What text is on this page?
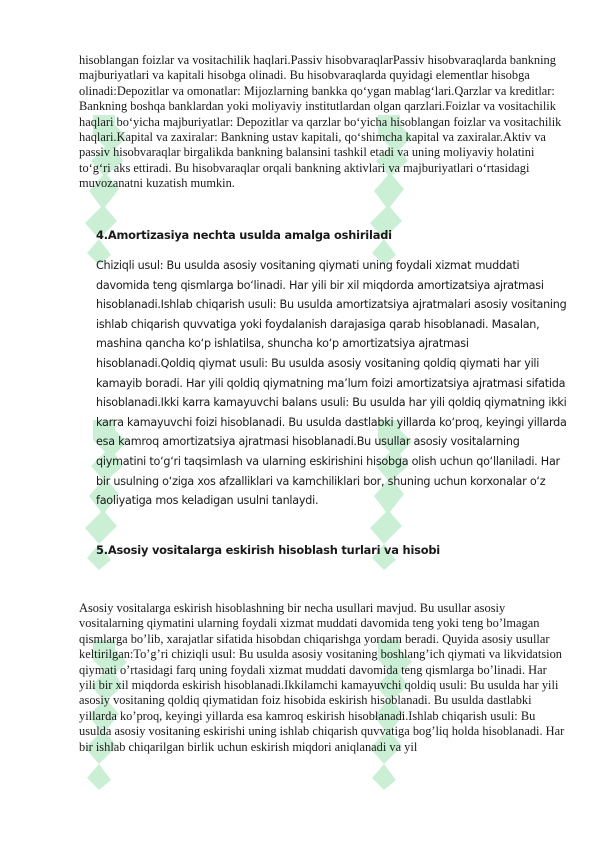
hisoblangan foizlar va vositachilik haqlari.Passiv hisobvaraqlarPassiv hisobvaraqlarda bankning majburiyatlari va kapitali hisobga olinadi. Bu hisobvaraqlarda quyidagi elementlar hisobga olinadi:Depozitlar va omonatlar: Mijozlarning bankka qo‘ygan mablag‘lari.Qarzlar va kreditlar: Bankning boshqa banklardan yoki moliyaviy institutlardan olgan qarzlari.Foizlar va vositachilik haqlari bo‘yicha majburiyatlar: Depozitlar va qarzlar bo‘yicha hisoblangan foizlar va vositachilik haqlari.Kapital va zaxiralar: Bankning ustav kapitali, qo‘shimcha kapital va zaxiralar.Aktiv va passiv hisobvaraqlar birgalikda bankning balansini tashkil etadi va uning moliyaviy holatini to‘g‘ri aks ettiradi. Bu hisobvaraqlar orqali bankning aktivlari va majburiyatlari o‘rtasidagi muvozanatni kuzatish mumkin.

4.Amortizasiya nechta usulda amalga oshiriladi

Chiziqli usul: Bu usulda asosiy vositaning qiymati uning foydali xizmat muddati davomida teng qismlarga bo‘linadi. Har yili bir xil miqdorda amortizatsiya ajratmasi hisoblanadi.Ishlab chiqarish usuli: Bu usulda amortizatsiya ajratmalari asosiy vositaning ishlab chiqarish quvvatiga yoki foydalanish darajasiga qarab hisoblanadi. Masalan, mashina qancha ko‘p ishlatilsa, shuncha ko‘p amortizatsiya ajratmasi hisoblanadi.Qoldiq qiymat usuli: Bu usulda asosiy vositaning qoldiq qiymati har yili kamayib boradi. Har yili qoldiq qiymatning ma’lum foizi amortizatsiya ajratmasi sifatida hisoblanadi.Ikki karra kamayuvchi balans usuli: Bu usulda har yili qoldiq qiymatning ikki karra kamayuvchi foizi hisoblanadi. Bu usulda dastlabki yillarda ko‘proq, keyingi yillarda esa kamroq amortizatsiya ajratmasi hisoblanadi.Bu usullar asosiy vositalarning qiymatini to‘g‘ri taqsimlash va ularning eskirishini hisobga olish uchun qo‘llaniladi. Har bir usulning o‘ziga xos afzalliklari va kamchiliklari bor, shuning uchun korxonalar o‘z faoliyatiga mos keladigan usulni tanlaydi.

5.Asosiy vositalarga eskirish hisoblash turlari va hisobi

Asosiy vositalarga eskirish hisoblashning bir necha usullari mavjud. Bu usullar asosiy vositalarning qiymatini ularning foydali xizmat muddati davomida teng yoki teng bo’lmagan qismlarga bo’lib, xarajatlar sifatida hisobdan chiqarishga yordam beradi. Quyida asosiy usullar keltirilgan:To’g’ri chiziqli usul: Bu usulda asosiy vositaning boshlang’ich qiymati va likvidatsion qiymati o’rtasidagi farq uning foydali xizmat muddati davomida teng qismlarga bo’linadi. Har yili bir xil miqdorda eskirish hisoblanadi.Ikkilamchi kamayuvchi qoldiq usuli: Bu usulda har yili asosiy vositaning qoldiq qiymatidan foiz hisobida eskirish hisoblanadi. Bu usulda dastlabki yillarda ko’proq, keyingi yillarda esa kamroq eskirish hisoblanadi.Ishlab chiqarish usuli: Bu usulda asosiy vositaning eskirishi uning ishlab chiqarish quvvatiga bog’liq holda hisoblanadi. Har bir ishlab chiqarilgan birlik uchun eskirish miqdori aniqlanadi va yil
